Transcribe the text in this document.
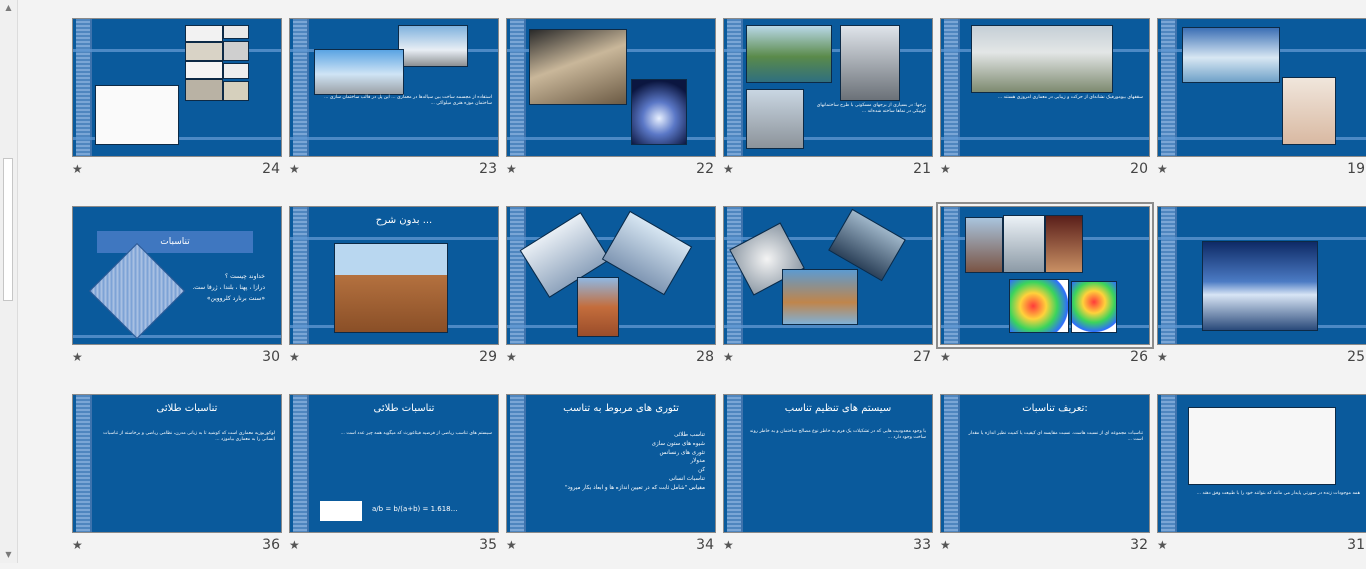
▲
▼
★	24
استفاده از مجسمه ساخت بین سیاله‌ها در معماری ... این پل در قالب ساختمان سازی ... ساختمان موزه هنری میلواکی ...
★	23 ★	22
برجها: در بسیاری از برجهای مسکونی با طرح ساختمانهای کوبیکی در نماها ساخته شده‌اند ...
★	21
سقفهای بیومورفیک نشانه‌ای از حرکت و زیبایی در معماری امروزی هستند ...
★	20 ★	19
تناسبات
خداوند چیست ؟
درازا ، پهنا ، بلندا ، ژرفا ست.
«سنت برنارد کلرووین»
★	30
بدون شرح ...
★	29 ★	28 ★	27 ★	26 ★	25
تناسبات طلائی
لوکوربوزیه معماری است که کوشید تا به زبانی مدرن، نظامی ریاضی و برخاسته از تناسبات انسانی را به معماری بیاموزد ...
★	36
تناسبات طلائی
سیستم های تناسب ریاضی از فرضیه فیثاغورث که میگوید همه چیز عدد است ...
a/b = b/(a+b) = 1.618…
★	35
تئوری های مربوط به تناسب
تناسب طلائی
شیوه های ستون سازی
تئوری های رنسانس
مدولار
کن
تناسبات انسانی
مقیاس "شامل ثابت که در تعیین اندازه ها و ابعاد بکار میرود"
★	34
سیستم های تنظیم تناسب
با وجود محدودیت هایی که در تشکیلات یک فرم به خاطر نوع مصالح ساختمان و به خاطر روند ساخت وجود دارد ...
★	33
تعریف تناسبات:
تناسبات مجموعه ای از نسبت هاست. نسبت مقایسه ای کیفیت یا کمیت نظیر اندازه یا مقدار است ...
★	32
همه موجودات زنده در صورتی پایدار می مانند که بتوانند خود را با طبیعت وفق دهند ...
★	31
